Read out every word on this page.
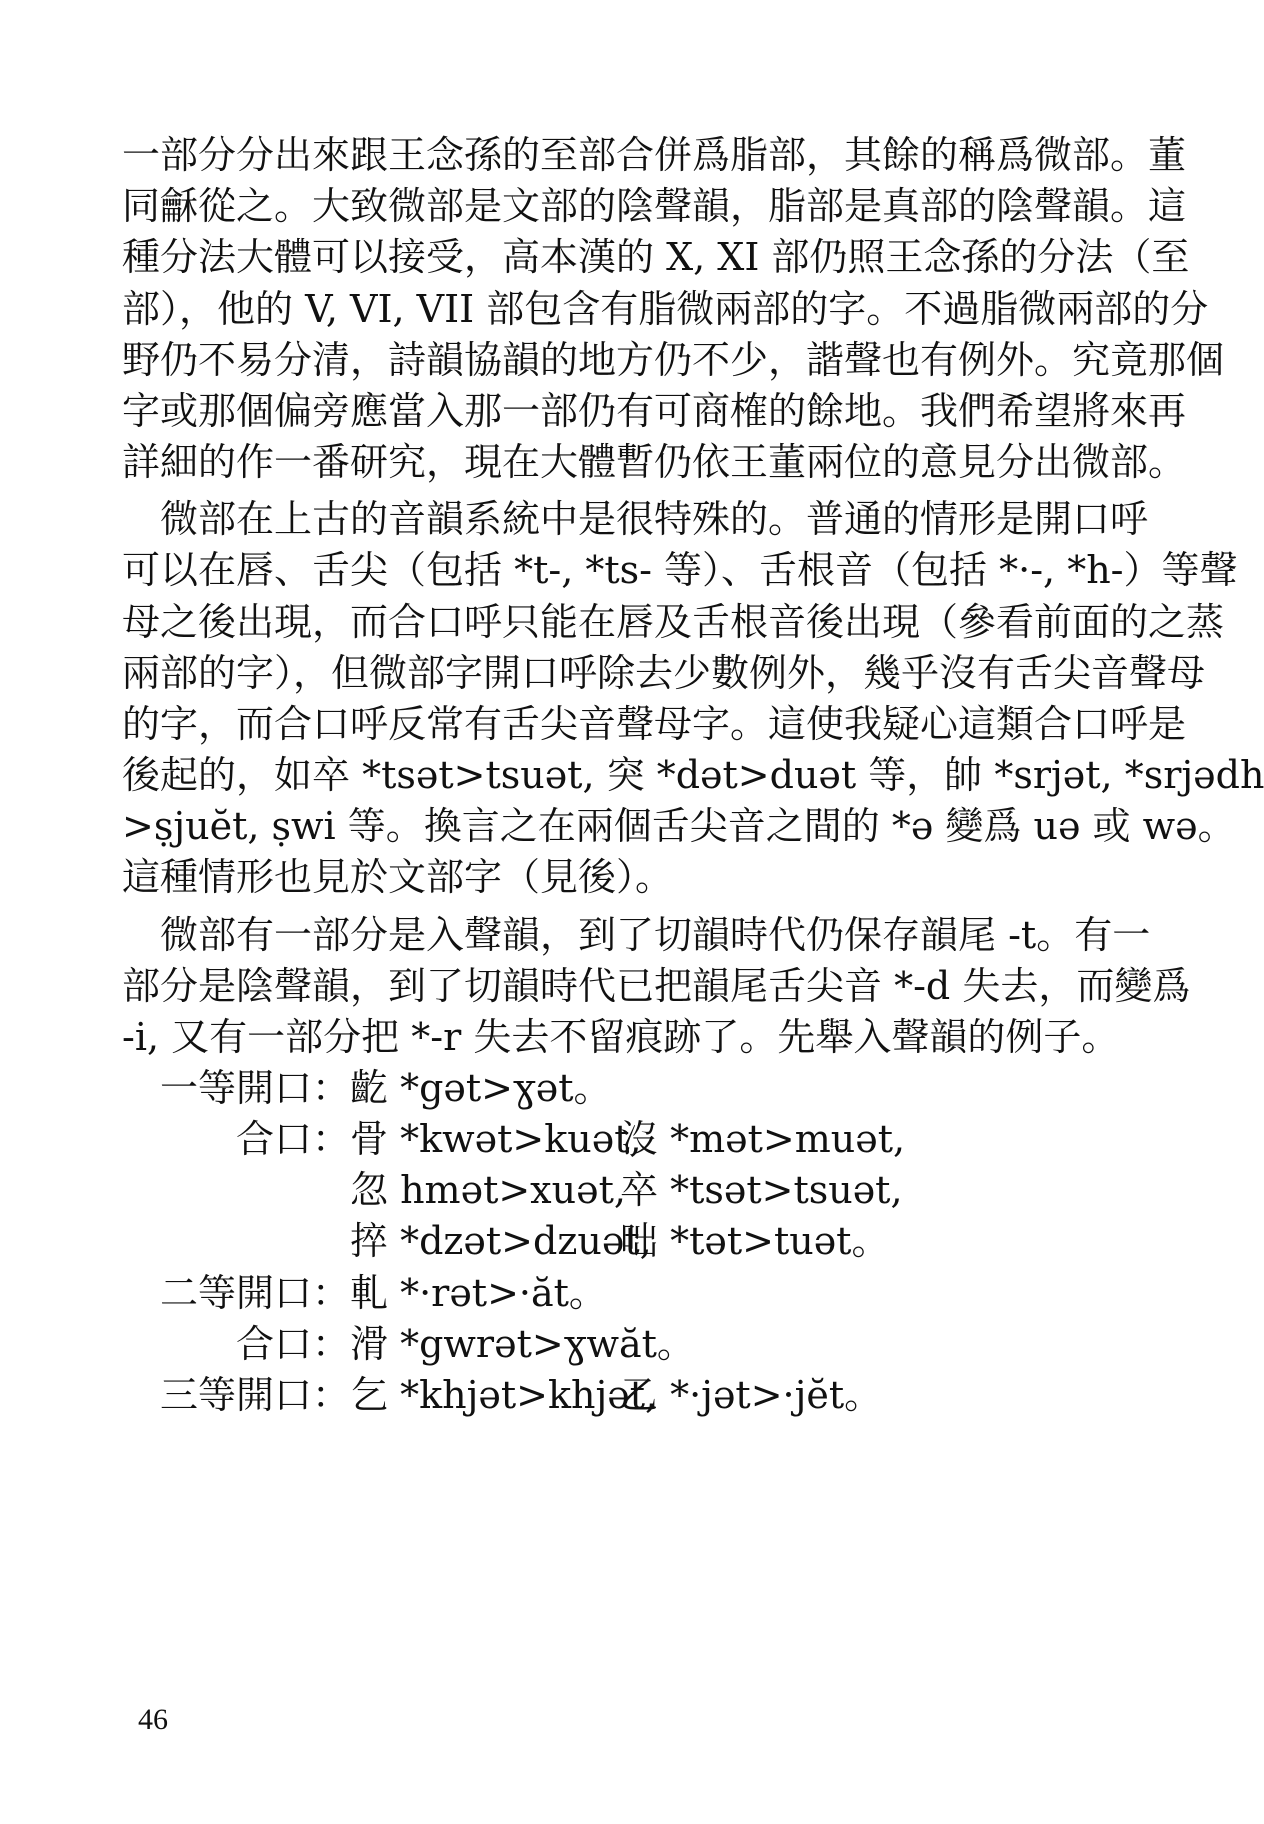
一部分分出來跟王念孫的至部合併爲脂部，其餘的稱爲微部。董
同龢從之。大致微部是文部的陰聲韻，脂部是真部的陰聲韻。這
種分法大體可以接受，高本漢的 X, XI 部仍照王念孫的分法（至
部），他的 V, VI, VII 部包含有脂微兩部的字。不過脂微兩部的分
野仍不易分清，詩韻協韻的地方仍不少，諧聲也有例外。究竟那個
字或那個偏旁應當入那一部仍有可商榷的餘地。我們希望將來再
詳細的作一番研究，現在大體暫仍依王董兩位的意見分出微部。
微部在上古的音韻系統中是很特殊的。普通的情形是開口呼
可以在唇、舌尖（包括 *t-, *ts- 等）、舌根音（包括 *·-, *h-）等聲
母之後出現，而合口呼只能在唇及舌根音後出現（參看前面的之蒸
兩部的字），但微部字開口呼除去少數例外，幾乎沒有舌尖音聲母
的字，而合口呼反常有舌尖音聲母字。這使我疑心這類合口呼是
後起的，如卒 *tsət>tsuət, 突 *dət>duət 等，帥 *srjət, *srjədh
>ṣjuĕt, ṣwi 等。換言之在兩個舌尖音之間的 *ə 變爲 uə 或 wə。
這種情形也見於文部字（見後）。
微部有一部分是入聲韻，到了切韻時代仍保存韻尾 -t。有一
部分是陰聲韻，到了切韻時代已把韻尾舌尖音 *-d 失去，而變爲
-i, 又有一部分把 *-r 失去不留痕跡了。先舉入聲韻的例子。
一等開口： 齕 *gət>ɣət。
合口： 骨 *kwət>kuət,
沒 *mət>muət,
忽 hmət>xuət,
卒 *tsət>tsuət,
捽 *dzət>dzuət,
咄 *tət>tuət。
二等開口： 軋 *·rət>·ăt。
合口： 滑 *gwrət>ɣwăt。
三等開口： 乞 *khjət>khjət,
乙 *·jət>·jĕt。
46
